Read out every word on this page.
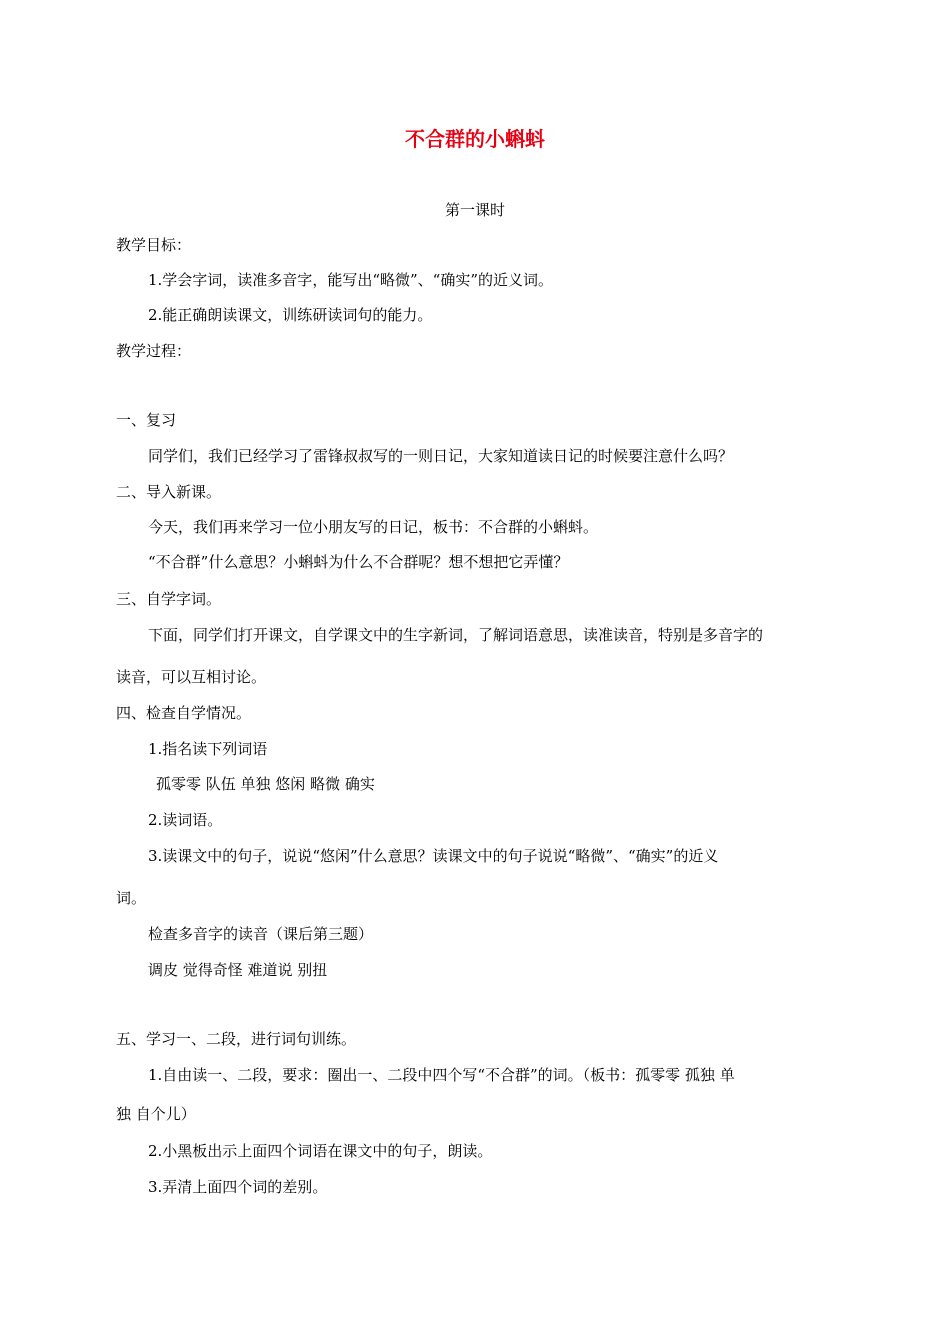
不合群的小蝌蚪
第一课时
教学目标：
1.学会字词，读准多音字，能写出“略微”、“确实”的近义词。
2.能正确朗读课文，训练研读词句的能力。
教学过程：
一、复习
同学们，我们已经学习了雷锋叔叔写的一则日记，大家知道读日记的时候要注意什么吗？
二、导入新课。
今天，我们再来学习一位小朋友写的日记，板书：不合群的小蝌蚪。
“不合群”什么意思？小蝌蚪为什么不合群呢？想不想把它弄懂？
三、自学字词。
下面，同学们打开课文，自学课文中的生字新词，了解词语意思，读准读音，特别是多音字的
读音，可以互相讨论。
四、检查自学情况。
1.指名读下列词语
孤零零 队伍 单独 悠闲 略微 确实
2.读词语。
3.读课文中的句子，说说“悠闲”什么意思？读课文中的句子说说“略微”、“确实”的近义
词。
检查多音字的读音（课后第三题）
调皮 觉得奇怪 难道说 别扭
五、学习一、二段，进行词句训练。
1.自由读一、二段，要求：圈出一、二段中四个写“不合群”的词。（板书：孤零零 孤独 单
独 自个儿）
2.小黑板出示上面四个词语在课文中的句子，朗读。
3.弄清上面四个词的差别。
